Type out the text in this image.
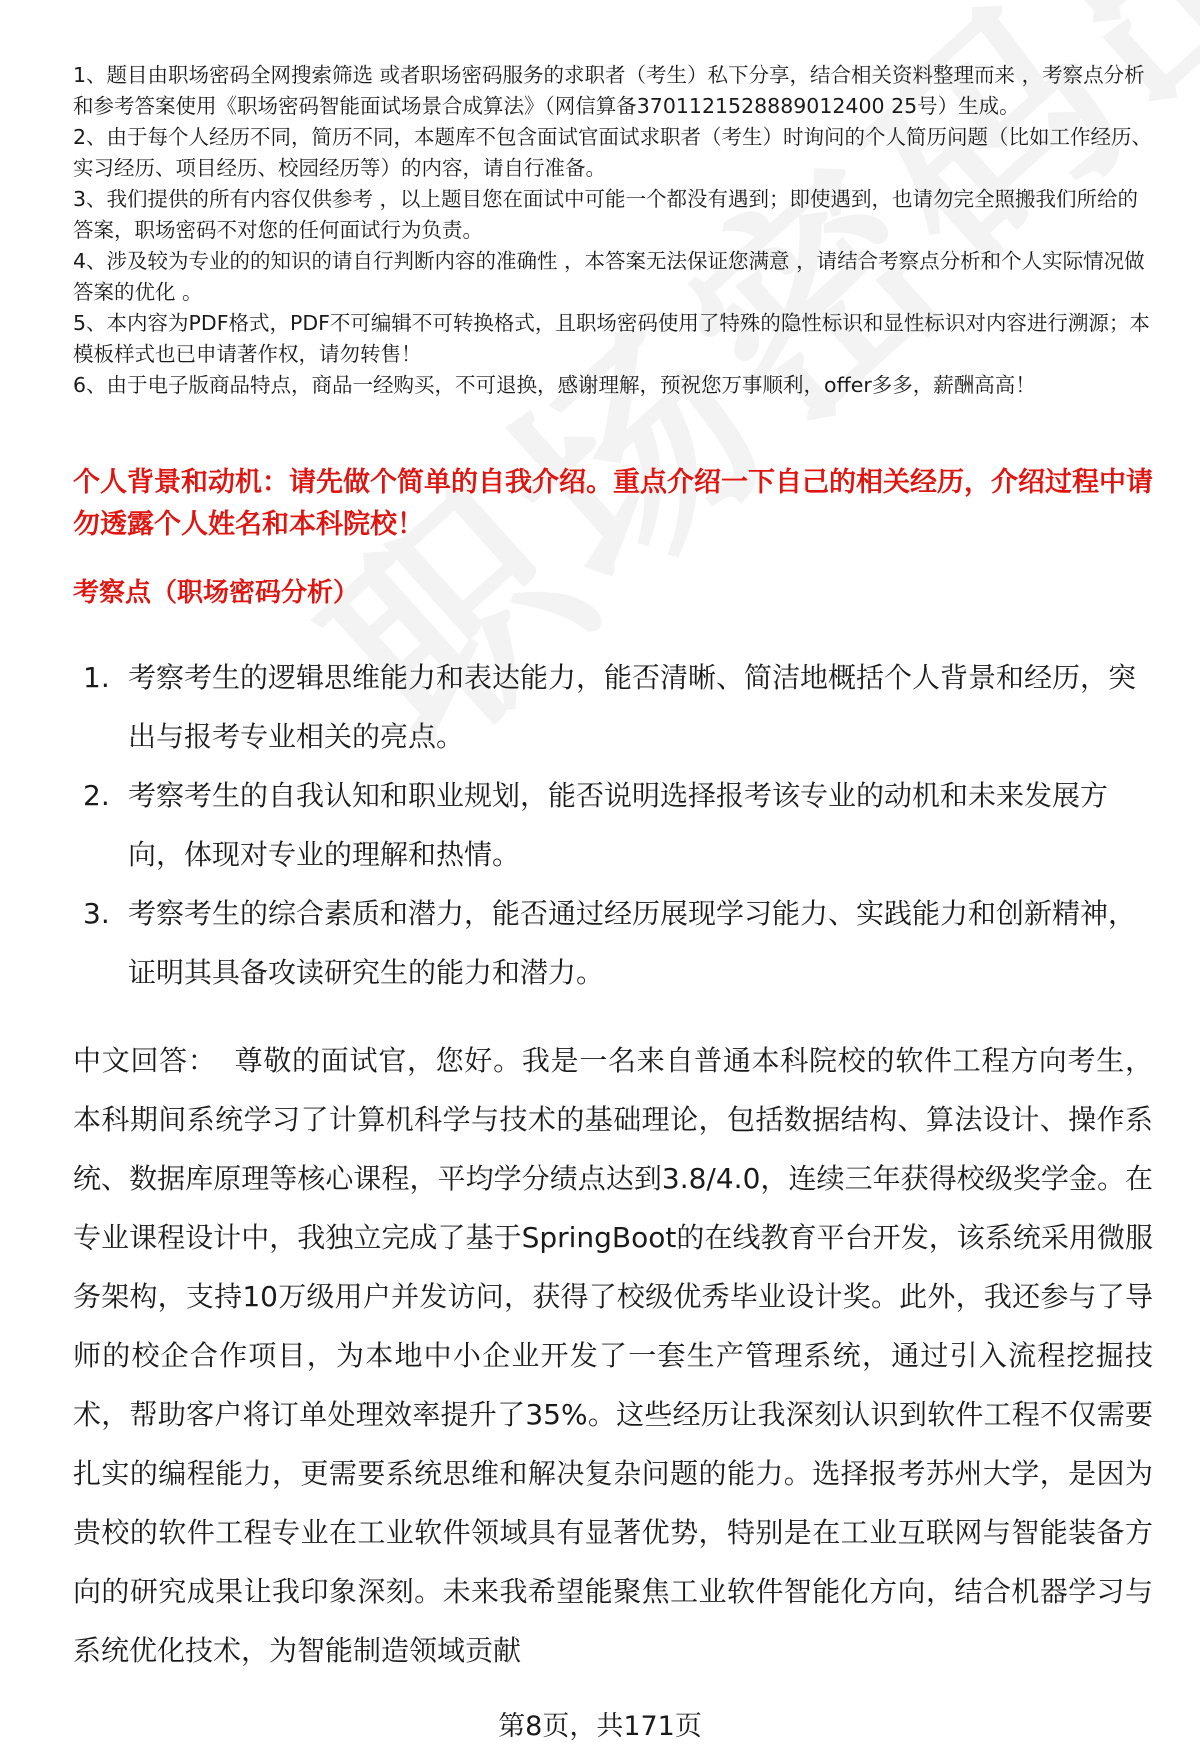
1、题目由职场密码全网搜索筛选 或者职场密码服务的求职者（考生）私下分享，结合相关资料整理而来 ，考察点分析和参考答案使用《职场密码智能面试场景合成算法》（网信算备3701121528889012400 25号）生成。

2、由于每个人经历不同，简历不同，本题库不包含面试官面试求职者（考生）时询问的个人简历问题（比如工作经历、实习经历、项目经历、校园经历等）的内容，请自行准备。

3、我们提供的所有内容仅供参考 ，以上题目您在面试中可能一个都没有遇到；即使遇到，也请勿完全照搬我们所给的答案，职场密码不对您的任何面试行为负责。

4、涉及较为专业的的知识的请自行判断内容的准确性 ，本答案无法保证您满意 ，请结合考察点分析和个人实际情况做答案的优化 。

5、本内容为PDF格式，PDF不可编辑不可转换格式，且职场密码使用了特殊的隐性标识和显性标识对内容进行溯源；本模板样式也已申请著作权，请勿转售！

6、由于电子版商品特点，商品一经购买，不可退换，感谢理解，预祝您万事顺利，offer多多，薪酬高高！

个人背景和动机：请先做个简单的自我介绍。重点介绍一下自己的相关经历，介绍过程中请勿透露个人姓名和本科院校！

考察点（职场密码分析）

1. 考察考生的逻辑思维能力和表达能力，能否清晰、简洁地概括个人背景和经历，突出与报考专业相关的亮点。
2. 考察考生的自我认知和职业规划，能否说明选择报考该专业的动机和未来发展方向，体现对专业的理解和热情。
3. 考察考生的综合素质和潜力，能否通过经历展现学习能力、实践能力和创新精神，证明其具备攻读研究生的能力和潜力。

中文回答： 尊敬的面试官，您好。我是一名来自普通本科院校的软件工程方向考生，本科期间系统学习了计算机科学与技术的基础理论，包括数据结构、算法设计、操作系统、数据库原理等核心课程，平均学分绩点达到3.8/4.0，连续三年获得校级奖学金。在专业课程设计中，我独立完成了基于SpringBoot的在线教育平台开发，该系统采用微服务架构，支持10万级用户并发访问，获得了校级优秀毕业设计奖。此外，我还参与了导师的校企合作项目，为本地中小企业开发了一套生产管理系统，通过引入流程挖掘技术，帮助客户将订单处理效率提升了35%。这些经历让我深刻认识到软件工程不仅需要扎实的编程能力，更需要系统思维和解决复杂问题的能力。选择报考苏州大学，是因为贵校的软件工程专业在工业软件领域具有显著优势，特别是在工业互联网与智能装备方向的研究成果让我印象深刻。未来我希望能聚焦工业软件智能化方向，结合机器学习与系统优化技术，为智能制造领域贡献

第8页，共171页
